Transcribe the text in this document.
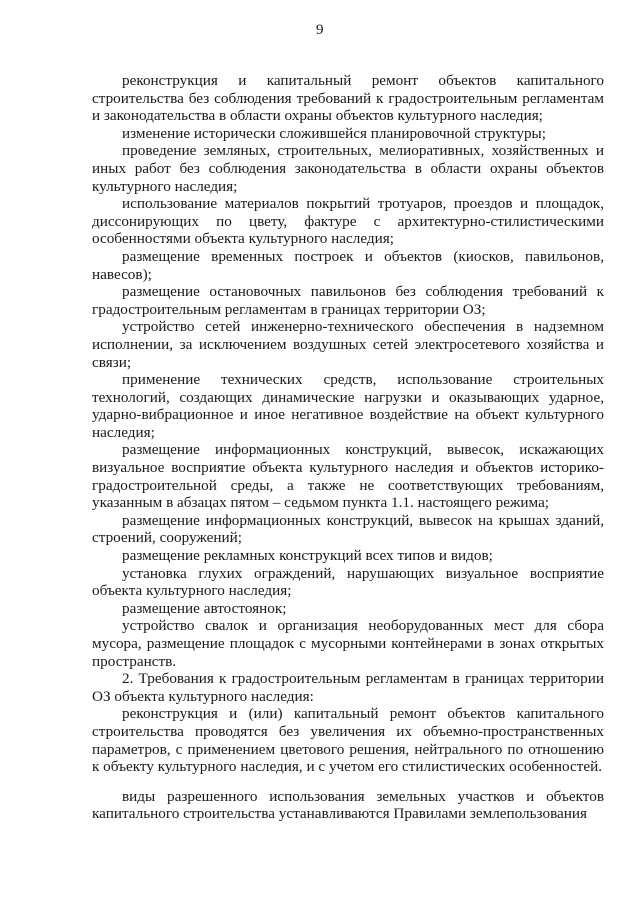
9

реконструкция и капитальный ремонт объектов капитального строительства без соблюдения требований к градостроительным регламентам и законодательства в области охраны объектов культурного наследия;

изменение исторически сложившейся планировочной структуры;

проведение земляных, строительных, мелиоративных, хозяйственных и иных работ без соблюдения законодательства в области охраны объектов культурного наследия;

использование материалов покрытий тротуаров, проездов и площадок, диссонирующих по цвету, фактуре с архитектурно-стилистическими особенностями объекта культурного наследия;

размещение временных построек и объектов (киосков, павильонов, навесов);

размещение остановочных павильонов без соблюдения требований к градостроительным регламентам в границах территории ОЗ;

устройство сетей инженерно-технического обеспечения в надземном исполнении, за исключением воздушных сетей электросетевого хозяйства и связи;

применение технических средств, использование строительных технологий, создающих динамические нагрузки и оказывающих ударное, ударно-вибрационное и иное негативное воздействие на объект культурного наследия;

размещение информационных конструкций, вывесок, искажающих визуальное восприятие объекта культурного наследия и объектов историко-градостроительной среды, а также не соответствующих требованиям, указанным в абзацах пятом – седьмом пункта 1.1. настоящего режима;

размещение информационных конструкций, вывесок на крышах зданий, строений, сооружений;

размещение рекламных конструкций всех типов и видов;

установка глухих ограждений, нарушающих визуальное восприятие объекта культурного наследия;

размещение автостоянок;

устройство свалок и организация необорудованных мест для сбора мусора, размещение площадок с мусорными контейнерами в зонах открытых пространств.

2. Требования к градостроительным регламентам в границах территории ОЗ объекта культурного наследия:

реконструкция и (или) капитальный ремонт объектов капитального строительства проводятся без увеличения их объемно-пространственных параметров, с применением цветового решения, нейтрального по отношению к объекту культурного наследия, и с учетом его стилистических особенностей.

виды разрешенного использования земельных участков и объектов капитального строительства устанавливаются Правилами землепользования
